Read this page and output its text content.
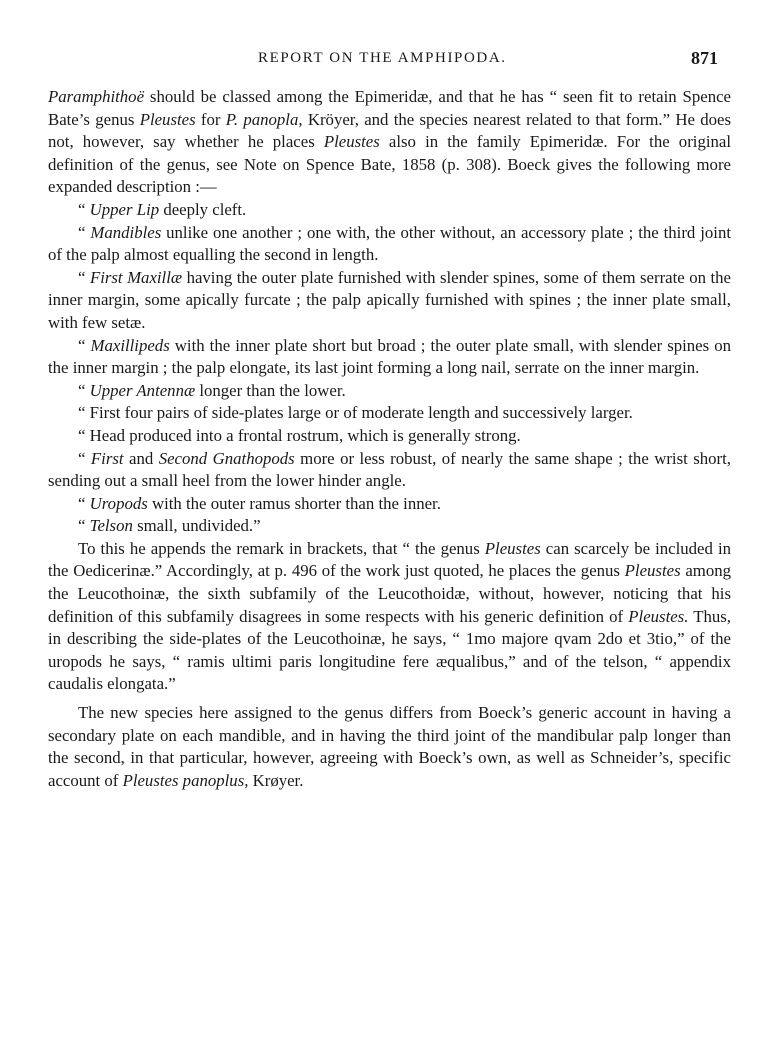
REPORT ON THE AMPHIPODA.	871

Paramphithoë should be classed among the Epimeridæ, and that he has “ seen fit to retain Spence Bate’s genus Pleustes for P. panopla, Kröyer, and the species nearest related to that form.” He does not, however, say whether he places Pleustes also in the family Epimeridæ. For the original definition of the genus, see Note on Spence Bate, 1858 (p. 308). Boeck gives the following more expanded description :—

“ Upper Lip deeply cleft.

“ Mandibles unlike one another ; one with, the other without, an accessory plate ; the third joint of the palp almost equalling the second in length.

“ First Maxillæ having the outer plate furnished with slender spines, some of them serrate on the inner margin, some apically furcate ; the palp apically furnished with spines ; the inner plate small, with few setæ.

“ Maxillipeds with the inner plate short but broad ; the outer plate small, with slender spines on the inner margin ; the palp elongate, its last joint forming a long nail, serrate on the inner margin.

“ Upper Antennæ longer than the lower.

“ First four pairs of side-plates large or of moderate length and successively larger.

“ Head produced into a frontal rostrum, which is generally strong.

“ First and Second Gnathopods more or less robust, of nearly the same shape ; the wrist short, sending out a small heel from the lower hinder angle.

“ Uropods with the outer ramus shorter than the inner.

“ Telson small, undivided.”

To this he appends the remark in brackets, that “ the genus Pleustes can scarcely be included in the Oedicerinæ.” Accordingly, at p. 496 of the work just quoted, he places the genus Pleustes among the Leucothoinæ, the sixth subfamily of the Leucothoidæ, without, however, noticing that his definition of this subfamily disagrees in some respects with his generic definition of Pleustes. Thus, in describing the side-plates of the Leucothoinæ, he says, “ 1mo majore qvam 2do et 3tio,” of the uropods he says, “ ramis ultimi paris longitudine fere æqualibus,” and of the telson, “ appendix caudalis elongata.”

The new species here assigned to the genus differs from Boeck’s generic account in having a secondary plate on each mandible, and in having the third joint of the mandibular palp longer than the second, in that particular, however, agreeing with Boeck’s own, as well as Schneider’s, specific account of Pleustes panoplus, Krøyer.
